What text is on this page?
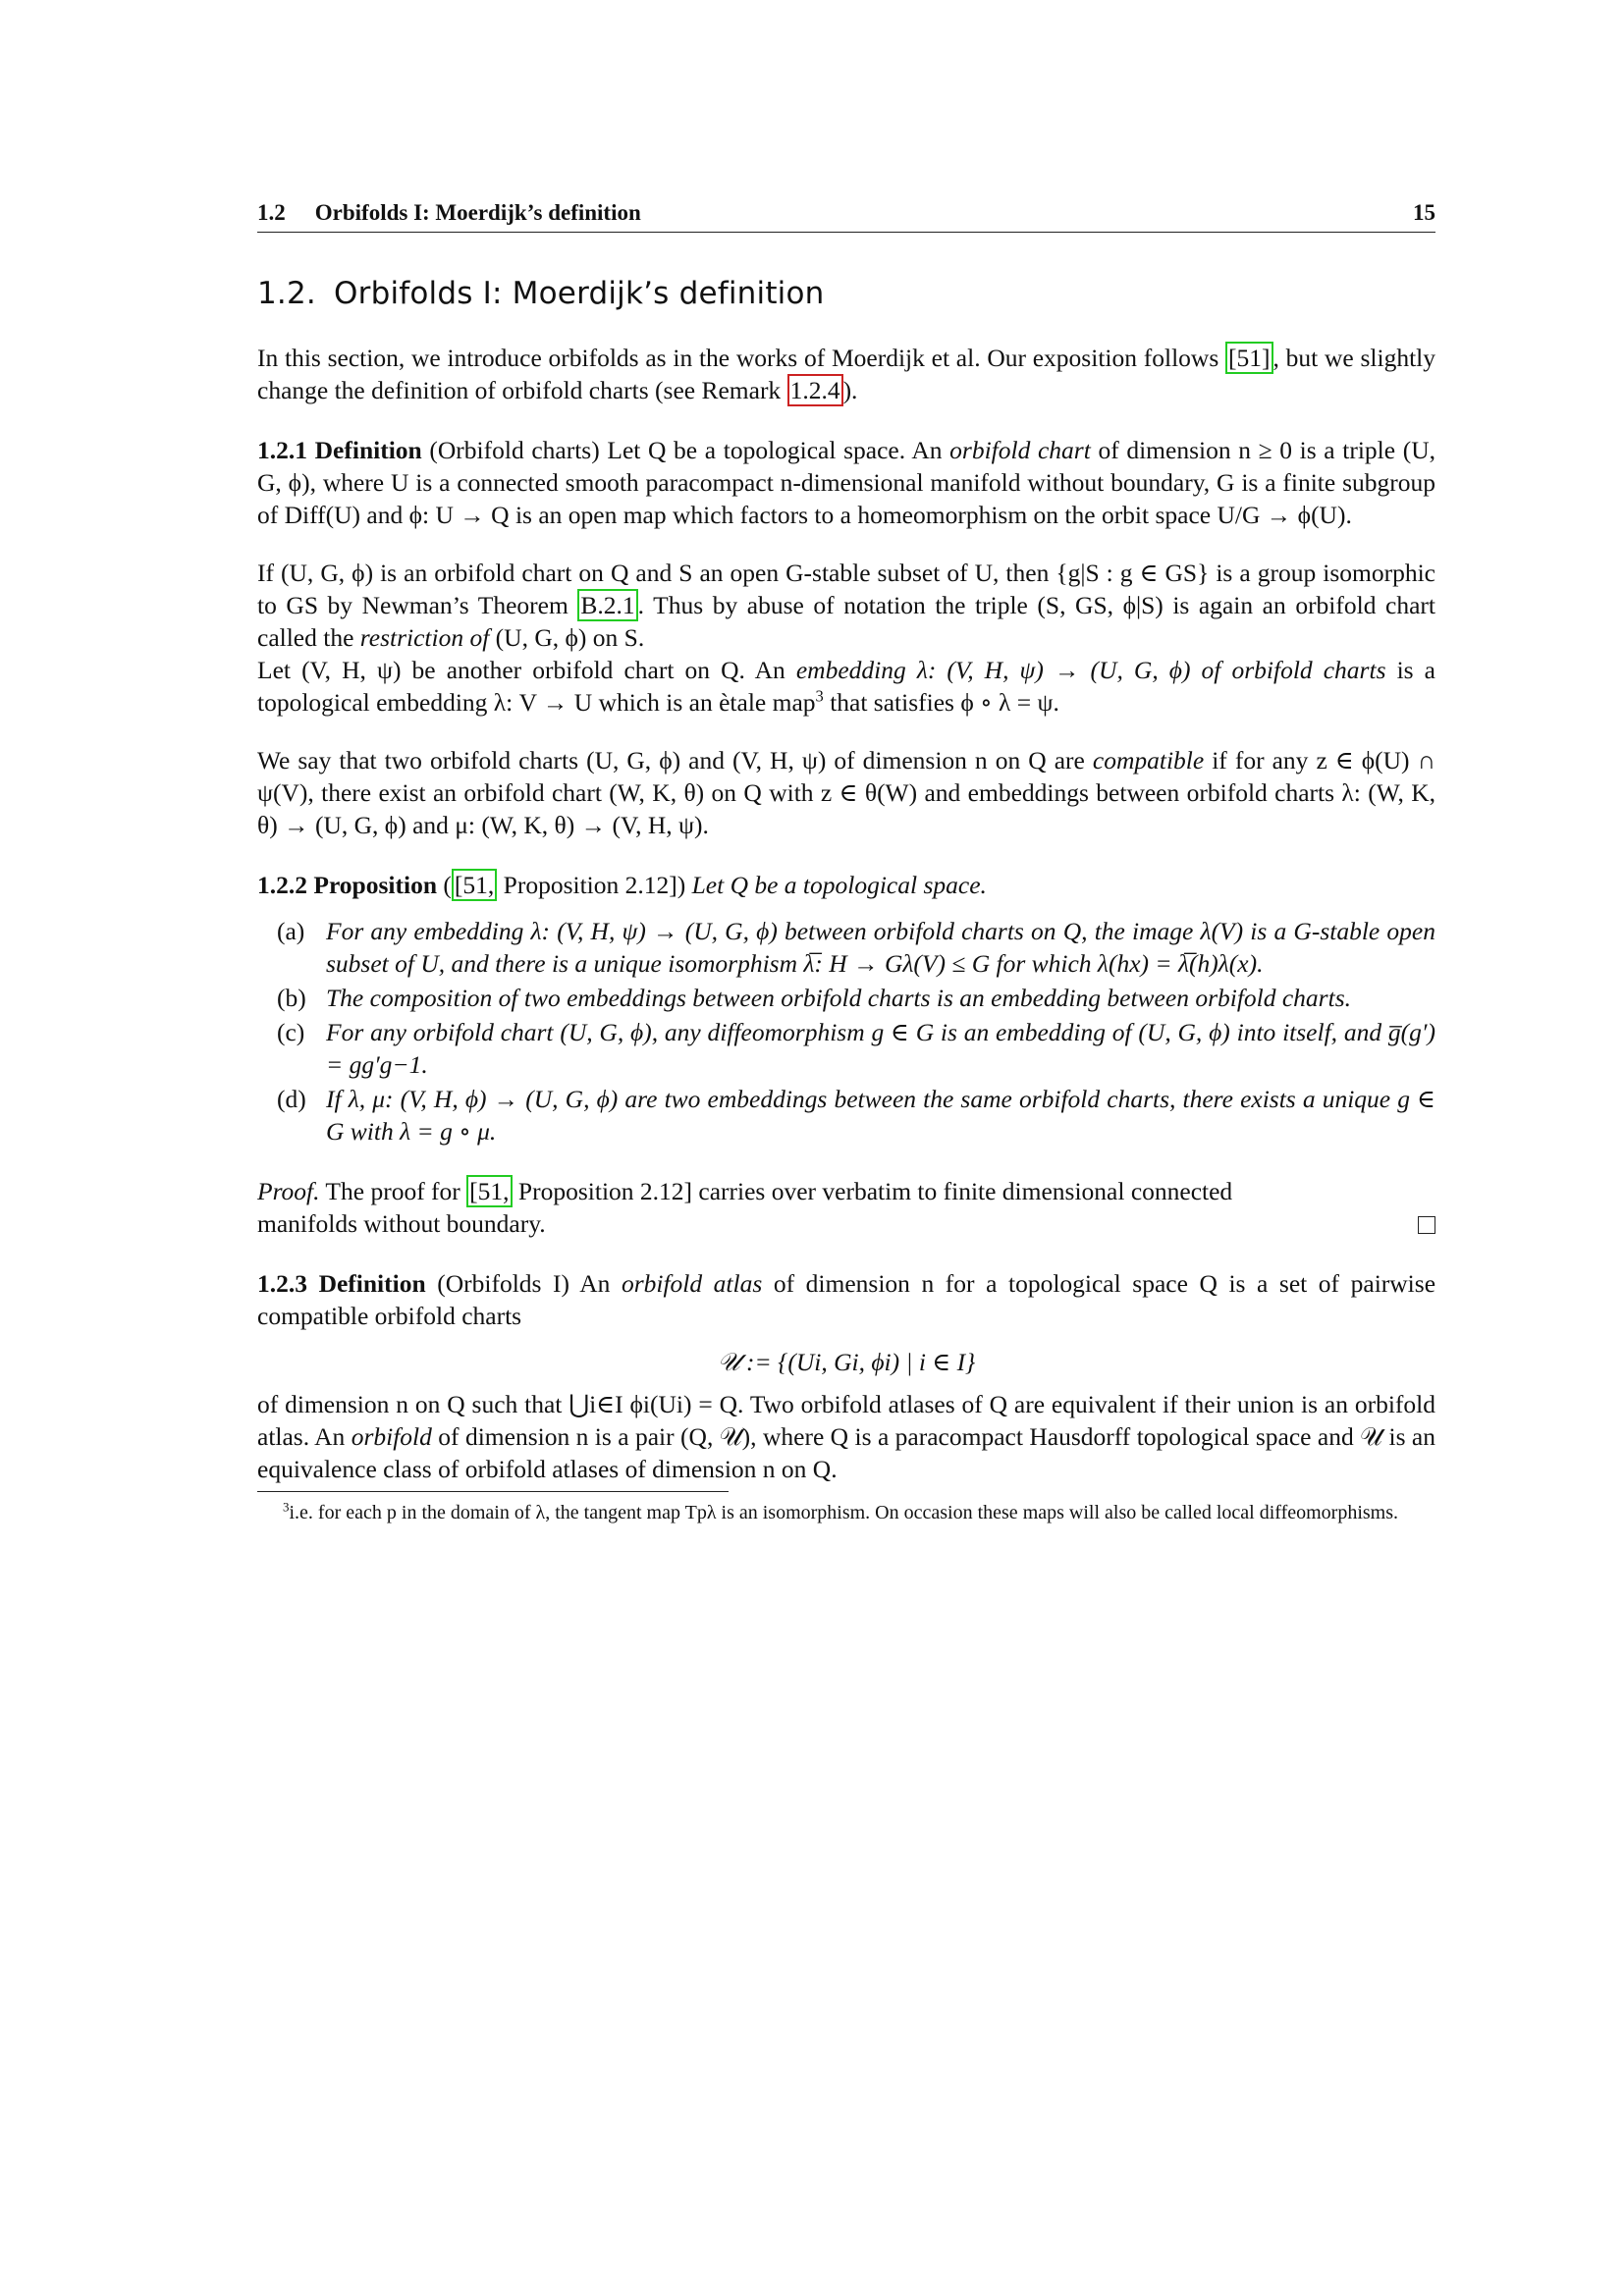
1.2 Orbifolds I: Moerdijk’s definition	15
1.2. Orbifolds I: Moerdijk’s definition

In this section, we introduce orbifolds as in the works of Moerdijk et al. Our exposition follows [51] , but we slightly change the definition of orbifold charts (see Remark 1.2.4 ).

1.2.1 Definition (Orbifold charts) Let Q be a topological space. An orbifold chart of dimension n ≥ 0 is a triple (U, G, ϕ), where U is a connected smooth paracompact n-dimensional manifold without boundary, G is a finite subgroup of Diff(U) and ϕ: U → Q is an open map which factors to a homeomorphism on the orbit space U/G → ϕ(U).

If (U, G, ϕ) is an orbifold chart on Q and S an open G-stable subset of U, then {g|S : g ∈ GS} is a group isomorphic to GS by Newman’s Theorem B.2.1 . Thus by abuse of notation the triple (S, GS, ϕ|S) is again an orbifold chart called the restriction of (U, G, ϕ) on S.
Let (V, H, ψ) be another orbifold chart on Q. An embedding λ: (V, H, ψ) → (U, G, ϕ) of orbifold charts is a topological embedding λ: V → U which is an ètale map$^3$ that satisfies ϕ ∘ λ = ψ.

We say that two orbifold charts (U, G, ϕ) and (V, H, ψ) of dimension n on Q are compatible if for any z ∈ ϕ(U) ∩ ψ(V), there exist an orbifold chart (W, K, θ) on Q with z ∈ θ(W) and embeddings between orbifold charts λ: (W, K, θ) → (U, G, ϕ) and μ: (W, K, θ) → (V, H, ψ).

1.2.2 Proposition ( [51, Proposition 2.12]) Let Q be a topological space.

(a) For any embedding λ: (V, H, ψ) → (U, G, ϕ) between orbifold charts on Q, the image λ(V) is a G-stable open subset of U, and there is a unique isomorphism λ̅: H → Gλ(V) ≤ G for which λ(hx) = λ̅(h)λ(x).
(b) The composition of two embeddings between orbifold charts is an embedding between orbifold charts.
(c) For any orbifold chart (U, G, ϕ), any diffeomorphism g ∈ G is an embedding of (U, G, ϕ) into itself, and g̅(g′) = gg′g−1.
(d) If λ, μ: (V, H, ϕ) → (U, G, ϕ) are two embeddings between the same orbifold charts, there exists a unique g ∈ G with λ = g ∘ μ.

Proof. The proof for [51, Proposition 2.12] carries over verbatim to finite dimensional connected

manifolds without boundary.

1.2.3 Definition (Orbifolds I) An orbifold atlas of dimension n for a topological space Q is a set of pairwise compatible orbifold charts

𝒰 := {(Ui, Gi, ϕi) | i ∈ I}

of dimension n on Q such that ⋃i∈I ϕi(Ui) = Q. Two orbifold atlases of Q are equivalent if their union is an orbifold atlas. An orbifold of dimension n is a pair (Q, 𝒰), where Q is a paracompact Hausdorff topological space and 𝒰 is an equivalence class of orbifold atlases of dimension n on Q.

$^3$i.e. for each p in the domain of λ, the tangent map Tpλ is an isomorphism. On occasion these maps will also be called local diffeomorphisms.
